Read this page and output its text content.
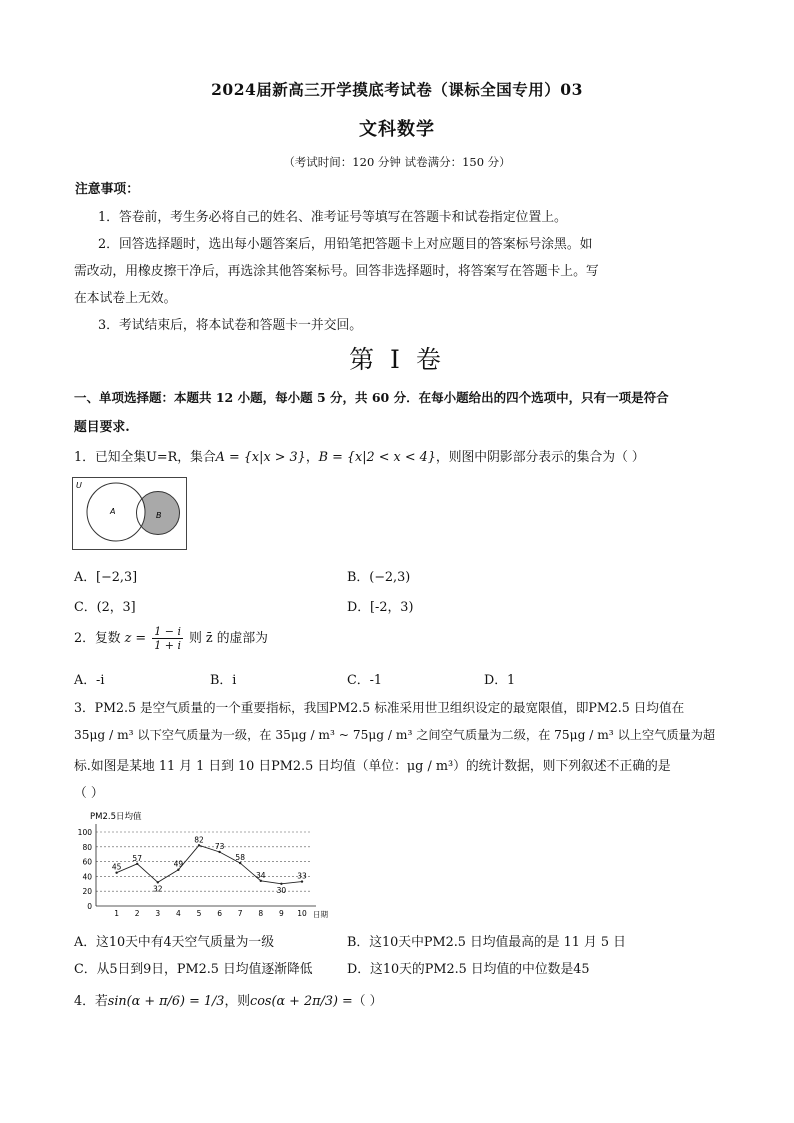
2024届新高三开学摸底考试卷（课标全国专用）03
文科数学
（考试时间：120 分钟 试卷满分：150 分）
注意事项：
1．答卷前，考生务必将自己的姓名、准考证号等填写在答题卡和试卷指定位置上。
2．回答选择题时，选出每小题答案后，用铅笔把答题卡上对应题目的答案标号涂黑。如
需改动，用橡皮擦干净后，再选涂其他答案标号。回答非选择题时，将答案写在答题卡上。写
在本试卷上无效。
3．考试结束后，将本试卷和答题卡一并交回。
第 I 卷
一、单项选择题：本题共 12 小题，每小题 5 分，共 60 分．在每小题给出的四个选项中，只有一项是符合
题目要求.
1．已知全集U=R，集合A = {x|x > 3}，B = {x|2 < x < 4}，则图中阴影部分表示的集合为（ ）
U
A	B
A．[−2,3]	B．(−2,3)
C．(2，3]	D．[-2，3)
2．复数 $z = \frac{1 - i}{1 + i}$ 则 z̄ 的虚部为
A．-i	B．i	C．-1	D．1
3．PM2.5 是空气质量的一个重要指标，我国PM2.5 标准采用世卫组织设定的最宽限值，即PM2.5 日均值在
35μg / m³ 以下空气质量为一级，在 35μg / m³ ~ 75μg / m³ 之间空气质量为二级，在 75μg / m³ 以上空气质量为超
标.如图是某地 11 月 1 日到 10 日PM2.5 日均值（单位：μg / m³）的统计数据，则下列叙述不正确的是
（ ）
PM2.5日均值
0
20
40
60
80
100
1 2 3 4 5 6 7 8 9 10 日期
45
57
32
49
82
73
58
34
30
33
A．这10天中有4天空气质量为一级	B．这10天中PM2.5 日均值最高的是 11 月 5 日
C．从5日到9日，PM2.5 日均值逐渐降低	D．这10天的PM2.5 日均值的中位数是45
4．若sin(α + π/6) = 1/3，则cos(α + 2π/3) =（ ）
